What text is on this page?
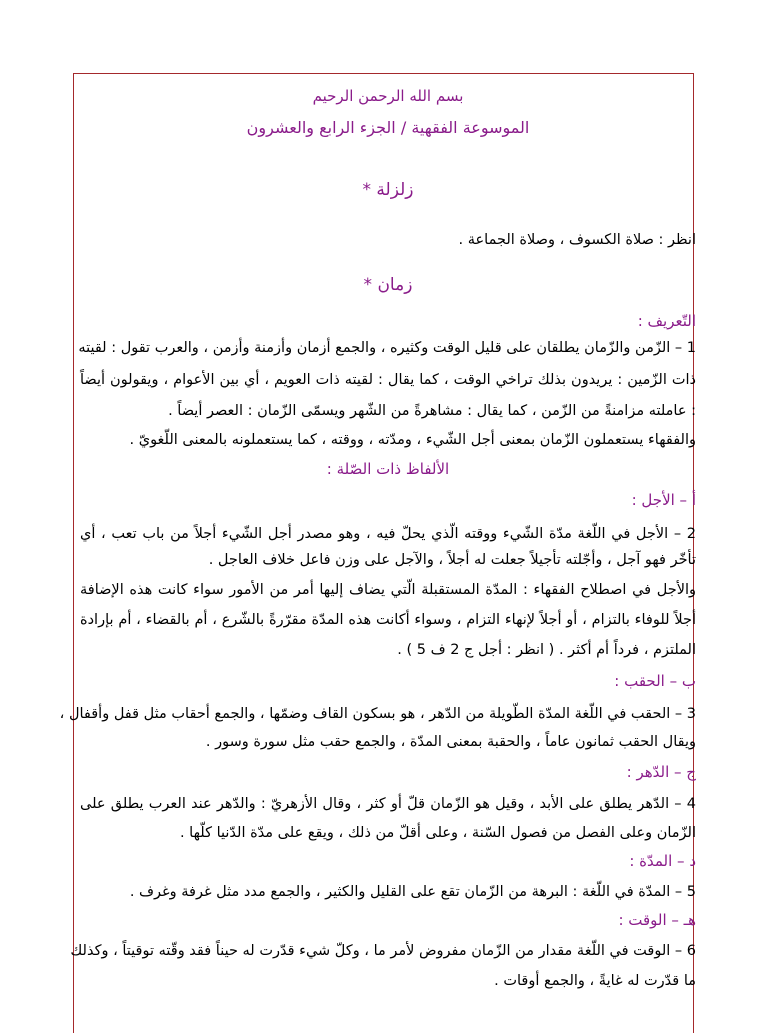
بسم الله الرحمن الرحيم
الموسوعة الفقهية / الجزء الرابع والعشرون
زلزلة *
انظر : صلاة الكسوف ، وصلاة الجماعة .
زمان *
التّعريف :
1 – الزّمن والزّمان يطلقان على قليل الوقت وكثيره ، والجمع أزمان وأزمنة وأزمن ، والعرب تقول : لقيته
ذات الزّمين : يريدون بذلك تراخي الوقت ، كما يقال : لقيته ذات العويم ، أي بين الأعوام ، ويقولون أيضاً
: عاملته مزامنةً من الزّمن ، كما يقال : مشاهرةً من الشّهر ويسمّى الزّمان : العصر أيضاً .
والفقهاء يستعملون الزّمان بمعنى أجل الشّيء ، ومدّته ، ووقته ، كما يستعملونه بالمعنى اللّغويّ .
الألفاظ ذات الصّلة :
أ – الأجل :
2 – الأجل في اللّغة مدّة الشّيء ووقته الّذي يحلّ فيه ، وهو مصدر أجل الشّيء أجلاً من باب تعب ، أي
تأخّر فهو آجل ، وأجّلته تأجيلاً جعلت له أجلاً ، والآجل على وزن فاعل خلاف العاجل .
والأجل في اصطلاح الفقهاء : المدّة المستقبلة الّتي يضاف إليها أمر من الأمور سواء كانت هذه الإضافة
أجلاً للوفاء بالتزام ، أو أجلاً لإنهاء التزام ، وسواء أكانت هذه المدّة مقرّرةً بالشّرع ، أم بالقضاء ، أم بإرادة
الملتزم ، فرداً أم أكثر . ( انظر : أجل ج 2 ف 5 ) .
ب – الحقب :
3 – الحقب في اللّغة المدّة الطّويلة من الدّهر ، هو بسكون القاف وضمّها ، والجمع أحقاب مثل قفل وأقفال ،
ويقال الحقب ثمانون عاماً ، والحقبة بمعنى المدّة ، والجمع حقب مثل سورة وسور .
ج – الدّهر :
4 – الدّهر يطلق على الأبد ، وقيل هو الزّمان قلّ أو كثر ، وقال الأزهريّ : والدّهر عند العرب يطلق على
الزّمان وعلى الفصل من فصول السّنة ، وعلى أقلّ من ذلك ، ويقع على مدّة الدّنيا كلّها .
د – المدّة :
5 – المدّة في اللّغة : البرهة من الزّمان تقع على القليل والكثير ، والجمع مدد مثل غرفة وغرف .
هـ – الوقت :
6 – الوقت في اللّغة مقدار من الزّمان مفروض لأمر ما ، وكلّ شيء قدّرت له حيناً فقد وقّته توقيتاً ، وكذلك
ما قدّرت له غايةً ، والجمع أوقات .
